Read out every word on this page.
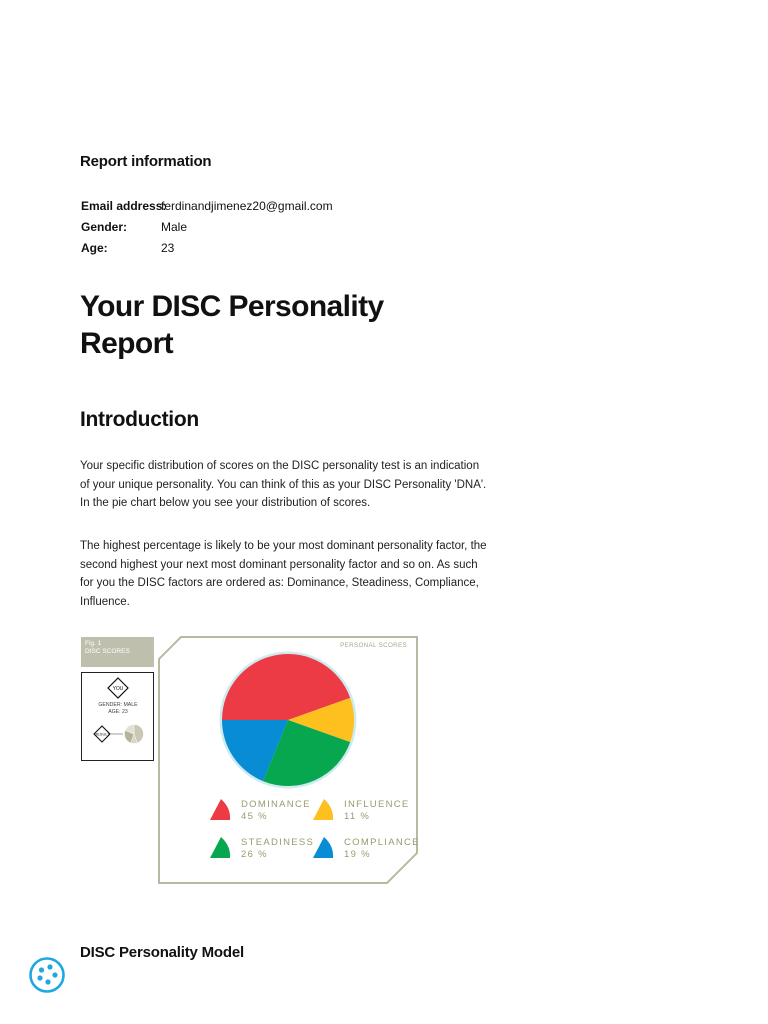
Report information
Email address:
ferdinandjimenez20@gmail.com
Gender:	Male
Age:	23
Your DISC Personality Report
Introduction

Your specific distribution of scores on the DISC personality test is an indication of your unique personality. You can think of this as your DISC Personality 'DNA'. In the pie chart below you see your distribution of scores.

The highest percentage is likely to be your most dominant personality factor, the second highest your next most dominant personality factor and so on. As such for you the DISC factors are ordered as: Dominance, Steadiness, Compliance, Influence.

Fig. 1
DISC SCORES
YOU
GENDER: MALE
AGE: 23
RESULT
PERSONAL SCORES
DOMINANCE
45 %
INFLUENCE
11 %
STEADINESS
26 %
COMPLIANCE
19 %
DISC Personality Model
